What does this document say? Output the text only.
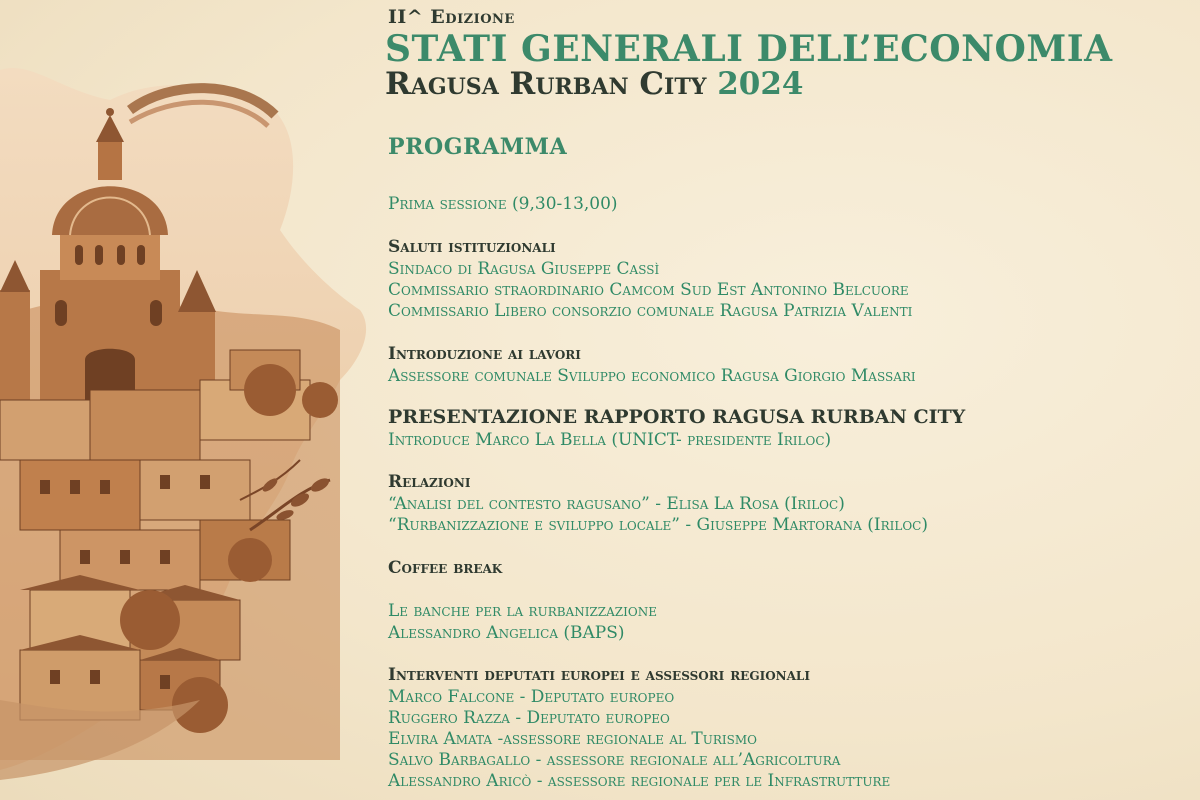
II^ Edizione
STATI GENERALI DELL’ECONOMIA
Ragusa Rurban City 2024
PROGRAMMA
Prima sessione (9,30-13,00)
Saluti istituzionali
Sindaco di Ragusa Giuseppe Cassì
Commissario straordinario Camcom Sud Est Antonino Belcuore
Commissario Libero consorzio comunale Ragusa Patrizia Valenti
Introduzione ai lavori
Assessore comunale Sviluppo economico Ragusa Giorgio Massari
PRESENTAZIONE RAPPORTO RAGUSA RURBAN CITY
Introduce Marco La Bella (UNICT- presidente Iriloc)
Relazioni
“Analisi del contesto ragusano” - Elisa La Rosa (Iriloc)
“Rurbanizzazione e sviluppo locale” - Giuseppe Martorana (Iriloc)
Coffee break
Le banche per la rurbanizzazione
Alessandro Angelica (BAPS)
Interventi deputati europei e assessori regionali
Marco Falcone - Deputato europeo
Ruggero Razza - Deputato europeo
Elvira Amata -assessore regionale al Turismo
Salvo Barbagallo - assessore regionale all’Agricoltura
Alessandro Aricò - assessore regionale per le Infrastrutture
